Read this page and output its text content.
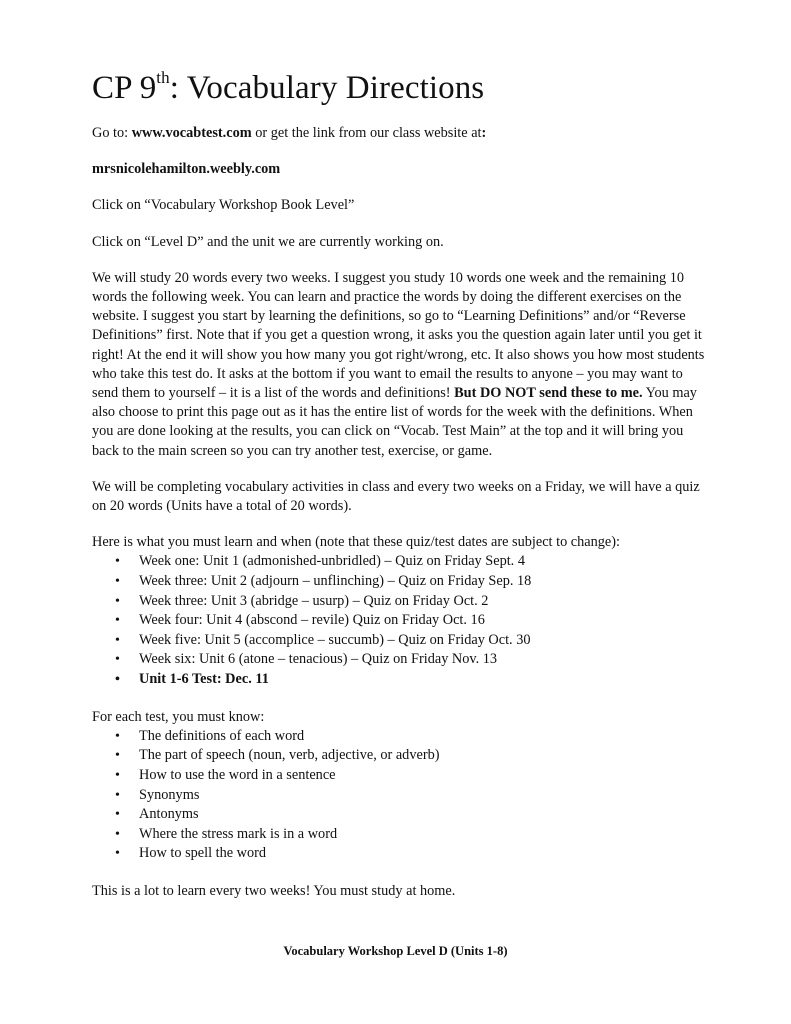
CP 9th: Vocabulary Directions

Go to: www.vocabtest.com or get the link from our class website at:

mrsnicolehamilton.weebly.com

Click on “Vocabulary Workshop Book Level”

Click on “Level D” and the unit we are currently working on.

We will study 20 words every two weeks. I suggest you study 10 words one week and the remaining 10 words the following week. You can learn and practice the words by doing the different exercises on the website. I suggest you start by learning the definitions, so go to “Learning Definitions” and/or “Reverse Definitions” first. Note that if you get a question wrong, it asks you the question again later until you get it right! At the end it will show you how many you got right/wrong, etc. It also shows you how most students who take this test do. It asks at the bottom if you want to email the results to anyone – you may want to send them to yourself – it is a list of the words and definitions! But DO NOT send these to me. You may also choose to print this page out as it has the entire list of words for the week with the definitions. When you are done looking at the results, you can click on “Vocab. Test Main” at the top and it will bring you back to the main screen so you can try another test, exercise, or game.

We will be completing vocabulary activities in class and every two weeks on a Friday, we will have a quiz on 20 words (Units have a total of 20 words).

Here is what you must learn and when (note that these quiz/test dates are subject to change):

• Week one: Unit 1 (admonished-unbridled) – Quiz on Friday Sept. 4
• Week three: Unit 2 (adjourn – unflinching) – Quiz on Friday Sep. 18
• Week three: Unit 3 (abridge – usurp) – Quiz on Friday Oct. 2
• Week four: Unit 4 (abscond – revile) Quiz on Friday Oct. 16
• Week five: Unit 5 (accomplice – succumb) – Quiz on Friday Oct. 30
• Week six: Unit 6 (atone – tenacious) – Quiz on Friday Nov. 13
• Unit 1-6 Test: Dec. 11

For each test, you must know:

• The definitions of each word
• The part of speech (noun, verb, adjective, or adverb)
• How to use the word in a sentence
• Synonyms
• Antonyms
• Where the stress mark is in a word
• How to spell the word

This is a lot to learn every two weeks! You must study at home.

Vocabulary Workshop Level D (Units 1-8)
